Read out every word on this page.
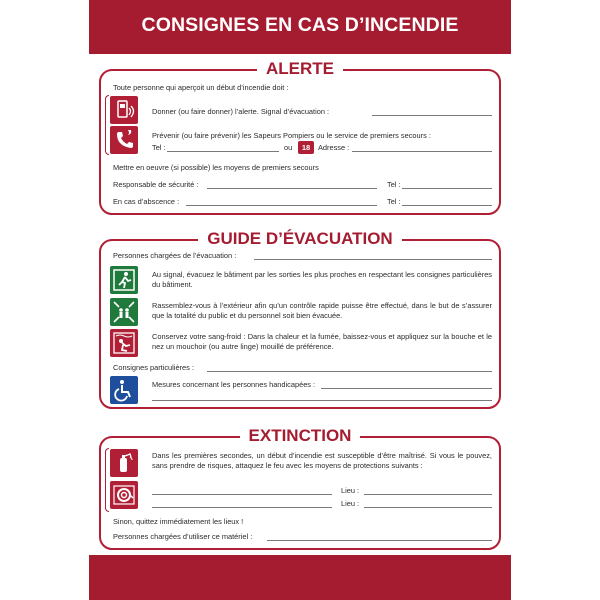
CONSIGNES EN CAS D’INCENDIE
ALERTE
Toute personne qui aperçoit un début d’incendie doit :
Donner (ou faire donner) l’alerte. Signal d’évacuation :
Prévenir (ou faire prévenir) les Sapeurs Pompiers ou le service de premiers secours :
Tel :	ou	18	Adresse :
Mettre en oeuvre (si possible) les moyens de premiers secours
Responsable de sécurité :	Tel :
En cas d’abscence :	Tel :
GUIDE D’ÉVACUATION
Personnes chargées de l’évacuation :
Au signal, évacuez le bâtiment par les sorties les plus proches en respectant les consignes particulières du bâtiment.
Rassemblez-vous à l’extérieur afin qu’un contrôle rapide puisse être effectué, dans le but de s’assurer que la totalité du public et du personnel soit bien évacuée.
Conservez votre sang-froid : Dans la chaleur et la fumée, baissez-vous et appliquez sur la bouche et le nez un mouchoir (ou autre linge) mouillé de préférence.
Consignes particulières :
Mesures concernant les personnes handicapées :
EXTINCTION
Dans les premières secondes, un début d’incendie est susceptible d’être maîtrisé. Si vous le pouvez, sans prendre de risques, attaquez le feu avec les moyens de protections suivants :
Lieu :
Lieu :
Sinon, quittez immédiatement les lieux !
Personnes chargées d’utiliser ce matériel :
